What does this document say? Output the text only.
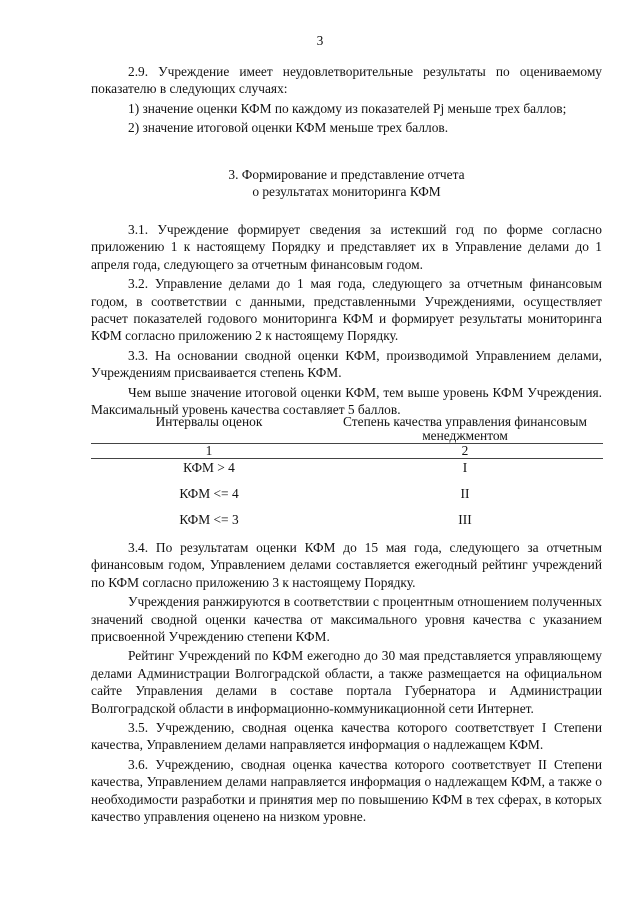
3

2.9. Учреждение имеет неудовлетворительные результаты по оцениваемому показателю в следующих случаях:

1) значение оценки КФМ по каждому из показателей Pj меньше трех баллов;

2) значение итоговой оценки КФМ меньше трех баллов.

3. Формирование и представление отчета

о результатах мониторинга КФМ

3.1. Учреждение формирует сведения за истекший год по форме согласно приложению 1 к настоящему Порядку и представляет их в Управление делами до 1 апреля года, следующего за отчетным финансовым годом.

3.2. Управление делами до 1 мая года, следующего за отчетным финансовым годом, в соответствии с данными, представленными Учреждениями, осуществляет расчет показателей годового мониторинга КФМ и формирует результаты мониторинга КФМ согласно приложению 2 к настоящему Порядку.

3.3. На основании сводной оценки КФМ, производимой Управлением делами, Учреждениям присваивается степень КФМ.

Чем выше значение итоговой оценки КФМ, тем выше уровень КФМ Учреждения. Максимальный уровень качества составляет 5 баллов.

Интервалы оценок	Степень качества управления финансовым менеджментом
1	2
КФМ > 4	I
КФМ <= 4	II
КФМ <= 3	III

3.4. По результатам оценки КФМ до 15 мая года, следующего за отчетным финансовым годом, Управлением делами составляется ежегодный рейтинг учреждений по КФМ согласно приложению 3 к настоящему Порядку.

Учреждения ранжируются в соответствии с процентным отношением полученных значений сводной оценки качества от максимального уровня качества с указанием присвоенной Учреждению степени КФМ.

Рейтинг Учреждений по КФМ ежегодно до 30 мая представляется управляющему делами Администрации Волгоградской области, а также размещается на официальном сайте Управления делами в составе портала Губернатора и Администрации Волгоградской области в информационно-коммуникационной сети Интернет.

3.5. Учреждению, сводная оценка качества которого соответствует I Степени качества, Управлением делами направляется информация о надлежащем КФМ.

3.6. Учреждению, сводная оценка качества которого соответствует II Степени качества, Управлением делами направляется информация о надлежащем КФМ, а также о необходимости разработки и принятия мер по повышению КФМ в тех сферах, в которых качество управления оценено на низком уровне.
